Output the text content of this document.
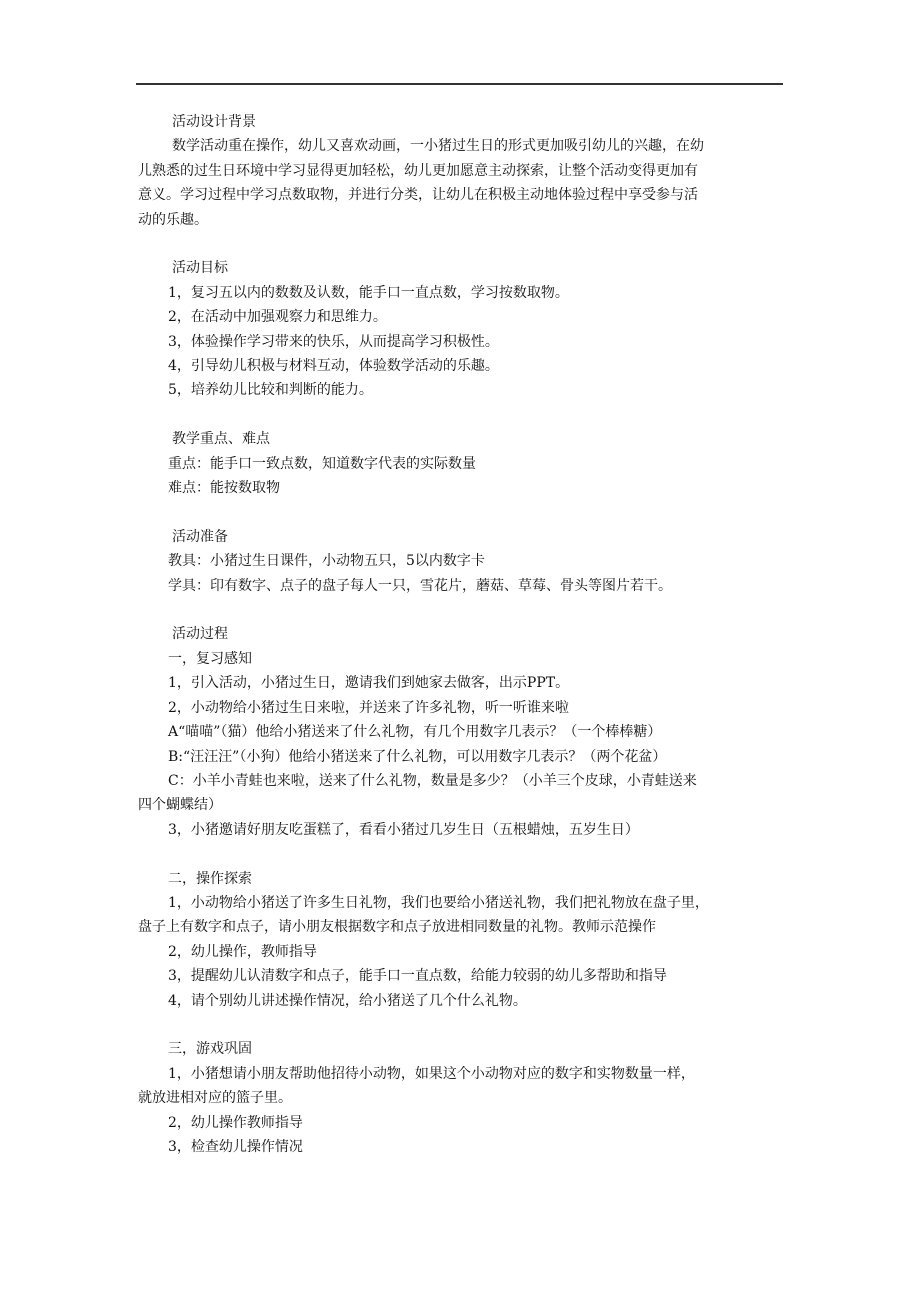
活动设计背景
数学活动重在操作，幼儿又喜欢动画，一小猪过生日的形式更加吸引幼儿的兴趣，在幼
儿熟悉的过生日环境中学习显得更加轻松，幼儿更加愿意主动探索，让整个活动变得更加有
意义。学习过程中学习点数取物，并进行分类，让幼儿在积极主动地体验过程中享受参与活
动的乐趣。
活动目标
1，复习五以内的数数及认数，能手口一直点数，学习按数取物。
2，在活动中加强观察力和思维力。
3，体验操作学习带来的快乐，从而提高学习积极性。
4，引导幼儿积极与材料互动，体验数学活动的乐趣。
5，培养幼儿比较和判断的能力。
教学重点、难点
重点：能手口一致点数，知道数字代表的实际数量
难点：能按数取物
活动准备
教具：小猪过生日课件，小动物五只，5以内数字卡
学具：印有数字、点子的盘子每人一只，雪花片，蘑菇、草莓、骨头等图片若干。
活动过程
一，复习感知
1，引入活动，小猪过生日，邀请我们到她家去做客，出示PPT。
2，小动物给小猪过生日来啦，并送来了许多礼物，听一听谁来啦
A“喵喵”（猫）他给小猪送来了什么礼物，有几个用数字几表示？（一个棒棒糖）
B:“汪汪汪”（小狗）他给小猪送来了什么礼物，可以用数字几表示？（两个花盆）
C：小羊小青蛙也来啦，送来了什么礼物，数量是多少？（小羊三个皮球，小青蛙送来
四个蝴蝶结）
3，小猪邀请好朋友吃蛋糕了，看看小猪过几岁生日（五根蜡烛，五岁生日）
二，操作探索
1，小动物给小猪送了许多生日礼物，我们也要给小猪送礼物，我们把礼物放在盘子里，
盘子上有数字和点子，请小朋友根据数字和点子放进相同数量的礼物。教师示范操作
2，幼儿操作，教师指导
3，提醒幼儿认清数字和点子，能手口一直点数，给能力较弱的幼儿多帮助和指导
4，请个别幼儿讲述操作情况，给小猪送了几个什么礼物。
三，游戏巩固
1，小猪想请小朋友帮助他招待小动物，如果这个小动物对应的数字和实物数量一样，
就放进相对应的篮子里。
2，幼儿操作教师指导
3，检查幼儿操作情况
